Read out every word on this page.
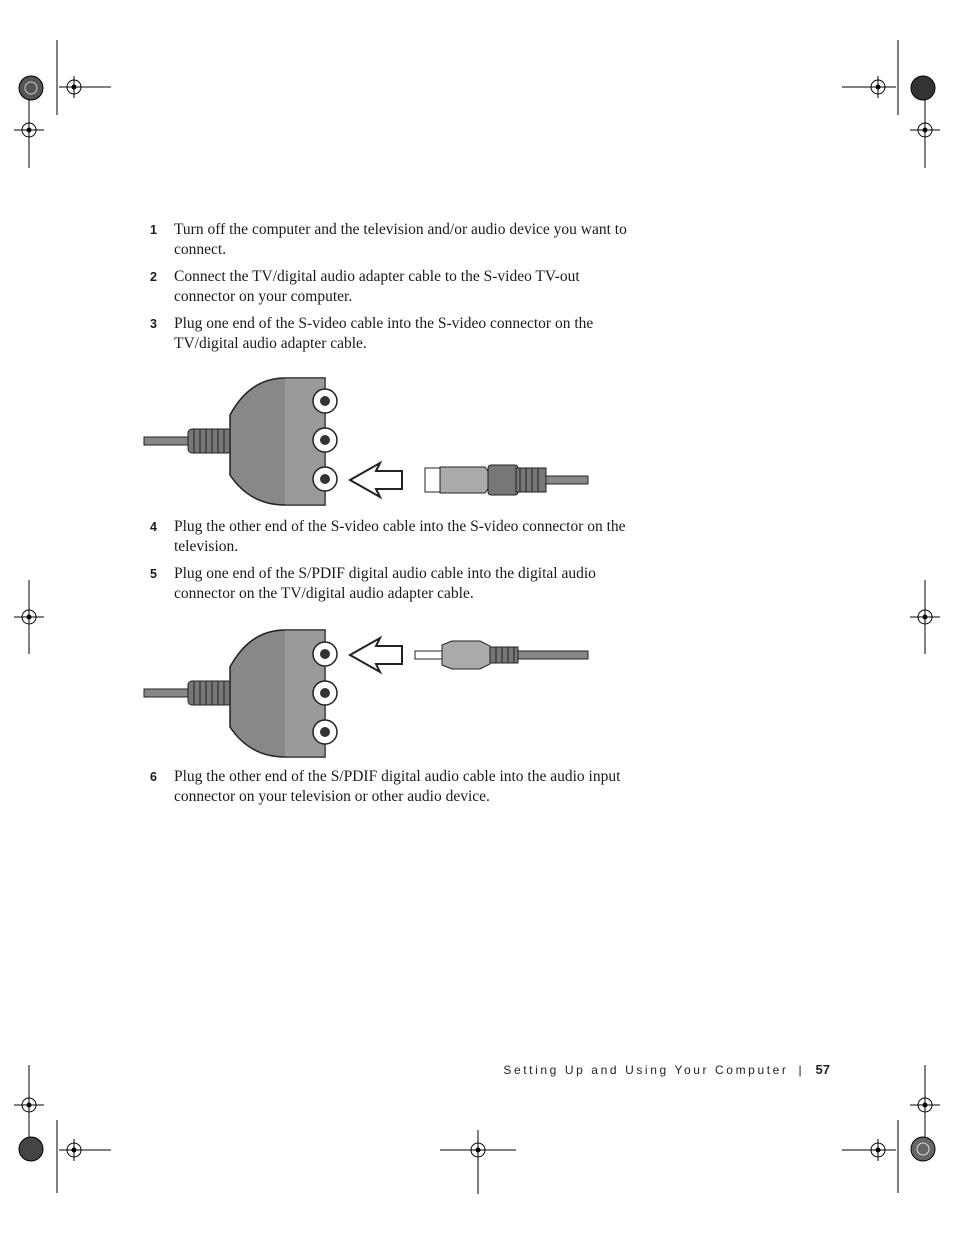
1 Turn off the computer and the television and/or audio device you want to connect.
2 Connect the TV/digital audio adapter cable to the S-video TV-out connector on your computer.
3 Plug one end of the S-video cable into the S-video connector on the TV/digital audio adapter cable.
4 Plug the other end of the S-video cable into the S-video connector on the television.
5 Plug one end of the S/PDIF digital audio cable into the digital audio connector on the TV/digital audio adapter cable.
6 Plug the other end of the S/PDIF digital audio cable into the audio input connector on your television or other audio device.
Setting Up and Using Your Computer | 57
